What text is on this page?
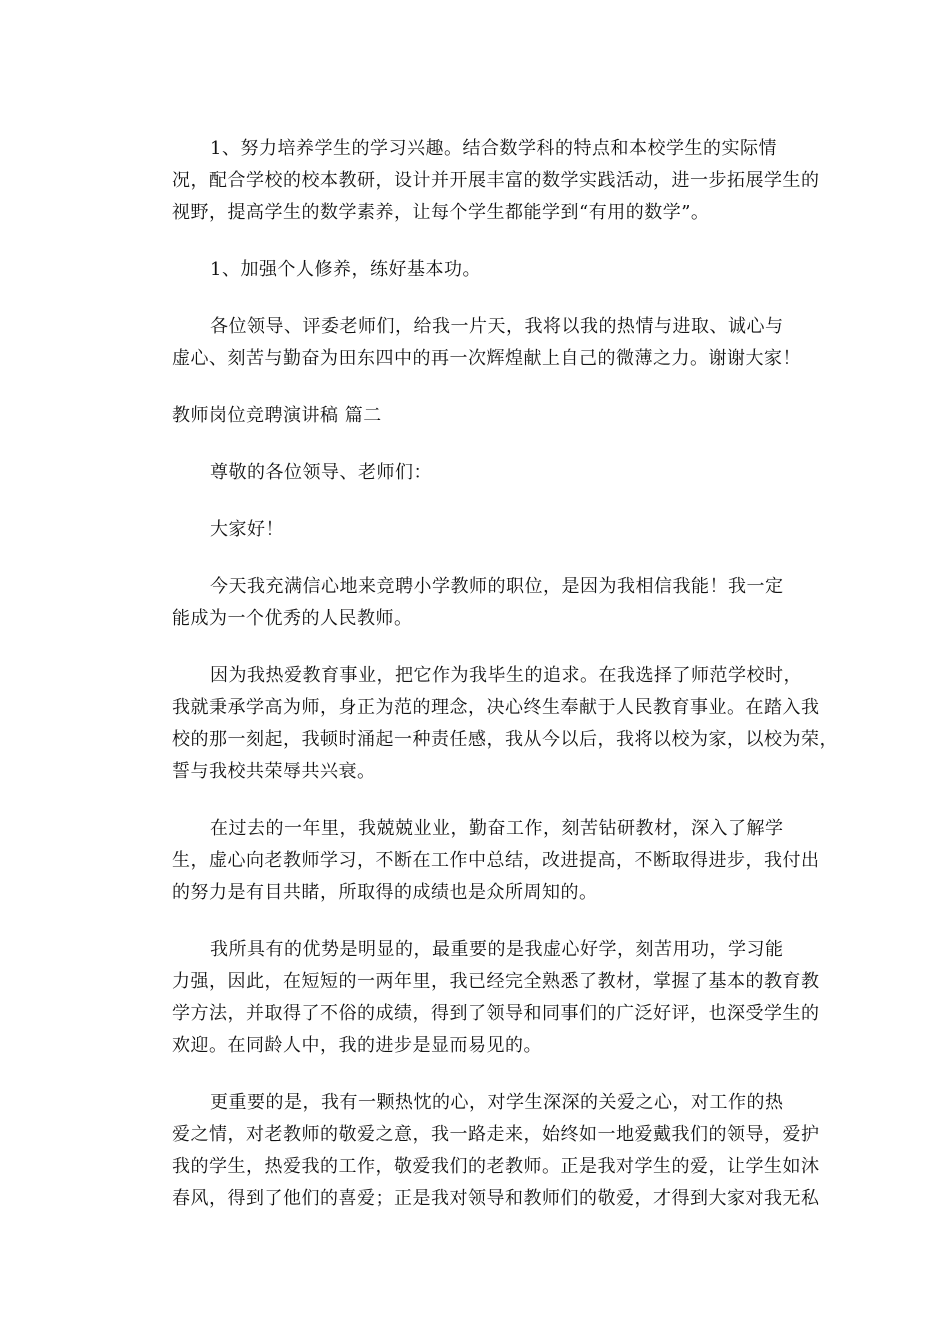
1、努力培养学生的学习兴趣。结合数学科的特点和本校学生的实际情
况，配合学校的校本教研，设计并开展丰富的数学实践活动，进一步拓展学生的
视野，提高学生的数学素养，让每个学生都能学到“有用的数学”。
1、加强个人修养，练好基本功。
各位领导、评委老师们，给我一片天，我将以我的热情与进取、诚心与
虚心、刻苦与勤奋为田东四中的再一次辉煌献上自己的微薄之力。谢谢大家！
教师岗位竞聘演讲稿 篇二
尊敬的各位领导、老师们：
大家好！
今天我充满信心地来竞聘小学教师的职位，是因为我相信我能！我一定
能成为一个优秀的人民教师。
因为我热爱教育事业，把它作为我毕生的追求。在我选择了师范学校时，
我就秉承学高为师，身正为范的理念，决心终生奉献于人民教育事业。在踏入我
校的那一刻起，我顿时涌起一种责任感，我从今以后，我将以校为家，以校为荣，
誓与我校共荣辱共兴衰。
在过去的一年里，我兢兢业业，勤奋工作，刻苦钻研教材，深入了解学
生，虚心向老教师学习，不断在工作中总结，改进提高，不断取得进步，我付出
的努力是有目共睹，所取得的成绩也是众所周知的。
我所具有的优势是明显的，最重要的是我虚心好学，刻苦用功，学习能
力强，因此，在短短的一两年里，我已经完全熟悉了教材，掌握了基本的教育教
学方法，并取得了不俗的成绩，得到了领导和同事们的广泛好评，也深受学生的
欢迎。在同龄人中，我的进步是显而易见的。
更重要的是，我有一颗热忱的心，对学生深深的关爱之心，对工作的热
爱之情，对老教师的敬爱之意，我一路走来，始终如一地爱戴我们的领导，爱护
我的学生，热爱我的工作，敬爱我们的老教师。正是我对学生的爱，让学生如沐
春风，得到了他们的喜爱；正是我对领导和教师们的敬爱，才得到大家对我无私
